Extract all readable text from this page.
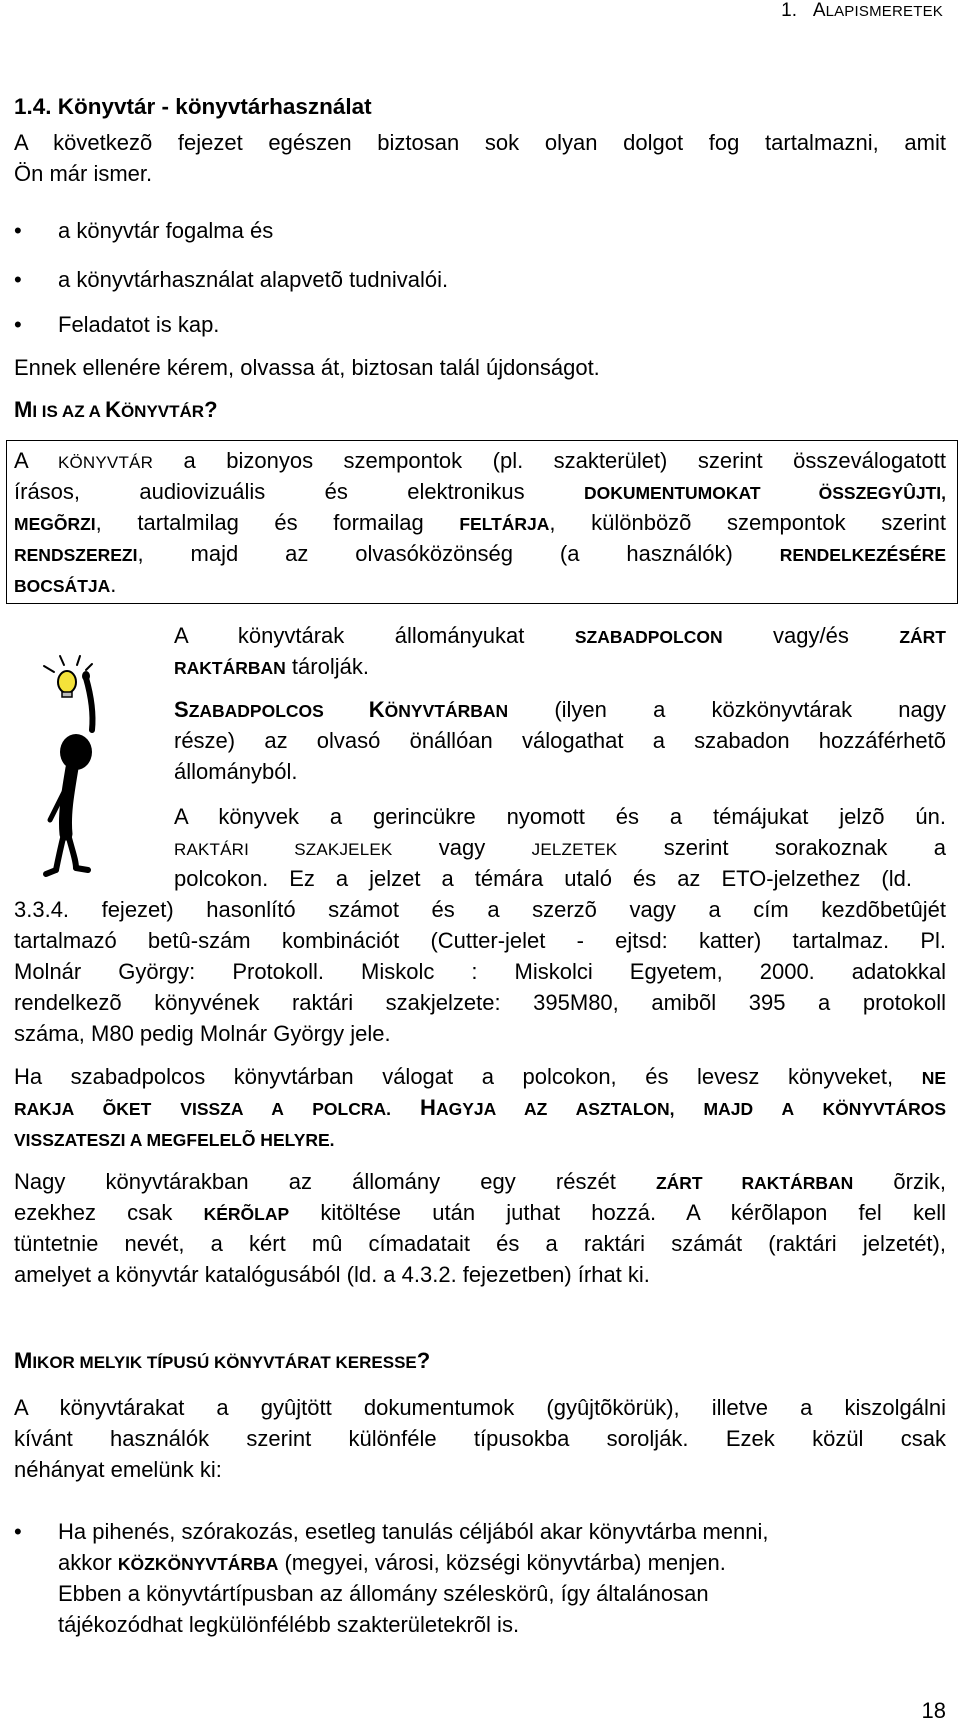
1. ALAPISMERETEK
1.4. Könyvtár - könyvtárhasználat
A következõ fejezet egészen biztosan sok olyan dolgot fog tartalmazni, amit
Ön már ismer.
• a könyvtár fogalma és
• a könyvtárhasználat alapvetõ tudnivalói.
• Feladatot is kap.
Ennek ellenére kérem, olvassa át, biztosan talál újdonságot.
MI IS AZ A KÖNYVTÁR?
A KÖNYVTÁR a bizonyos szempontok (pl. szakterület) szerint összeválogatott
írásos, audiovizuális és elektronikus DOKUMENTUMOKAT ÖSSZEGYÛJTI,
MEGÕRZI, tartalmilag és formailag FELTÁRJA, különbözõ szempontok szerint
RENDSZEREZI, majd az olvasóközönség (a használók) RENDELKEZÉSÉRE
BOCSÁTJA.
A könyvtárak állományukat SZABADPOLCON vagy/és ZÁRT
RAKTÁRBAN tárolják.
SZABADPOLCOS KÖNYVTÁRBAN (ilyen a közkönyvtárak nagy
része) az olvasó önállóan válogathat a szabadon hozzáférhetõ
állományból.
A könyvek a gerincükre nyomott és a témájukat jelzõ ún.
RAKTÁRI SZAKJELEK vagy JELZETEK szerint sorakoznak a
polcokon. Ez a jelzet a témára utaló és az ETO-jelzethez (ld.
3.3.4. fejezet) hasonlító számot és a szerzõ vagy a cím kezdõbetûjét
tartalmazó betû-szám kombinációt (Cutter-jelet - ejtsd: katter) tartalmaz. Pl.
Molnár György: Protokoll. Miskolc : Miskolci Egyetem, 2000. adatokkal
rendelkezõ könyvének raktári szakjelzete: 395M80, amibõl 395 a protokoll
száma, M80 pedig Molnár György jele.
Ha szabadpolcos könyvtárban válogat a polcokon, és levesz könyveket, NE
RAKJA ÕKET VISSZA A POLCRA. HAGYJA AZ ASZTALON, MAJD A KÖNYVTÁROS
VISSZATESZI A MEGFELELÕ HELYRE.
Nagy könyvtárakban az állomány egy részét ZÁRT RAKTÁRBAN õrzik,
ezekhez csak KÉRÕLAP kitöltése után juthat hozzá. A kérõlapon fel kell
tüntetnie nevét, a kért mû címadatait és a raktári számát (raktári jelzetét),
amelyet a könyvtár katalógusából (ld. a 4.3.2. fejezetben) írhat ki.
MIKOR MELYIK TÍPUSÚ KÖNYVTÁRAT KERESSE?
A könyvtárakat a gyûjtött dokumentumok (gyûjtõkörük), illetve a kiszolgálni
kívánt használók szerint különféle típusokba sorolják. Ezek közül csak
néhányat emelünk ki:
• Ha pihenés, szórakozás, esetleg tanulás céljából akar könyvtárba menni,
akkor KÖZKÖNYVTÁRBA (megyei, városi, községi könyvtárba) menjen.
Ebben a könyvtártípusban az állomány széleskörû, így általánosan
tájékozódhat legkülönfélébb szakterületekrõl is.
18
